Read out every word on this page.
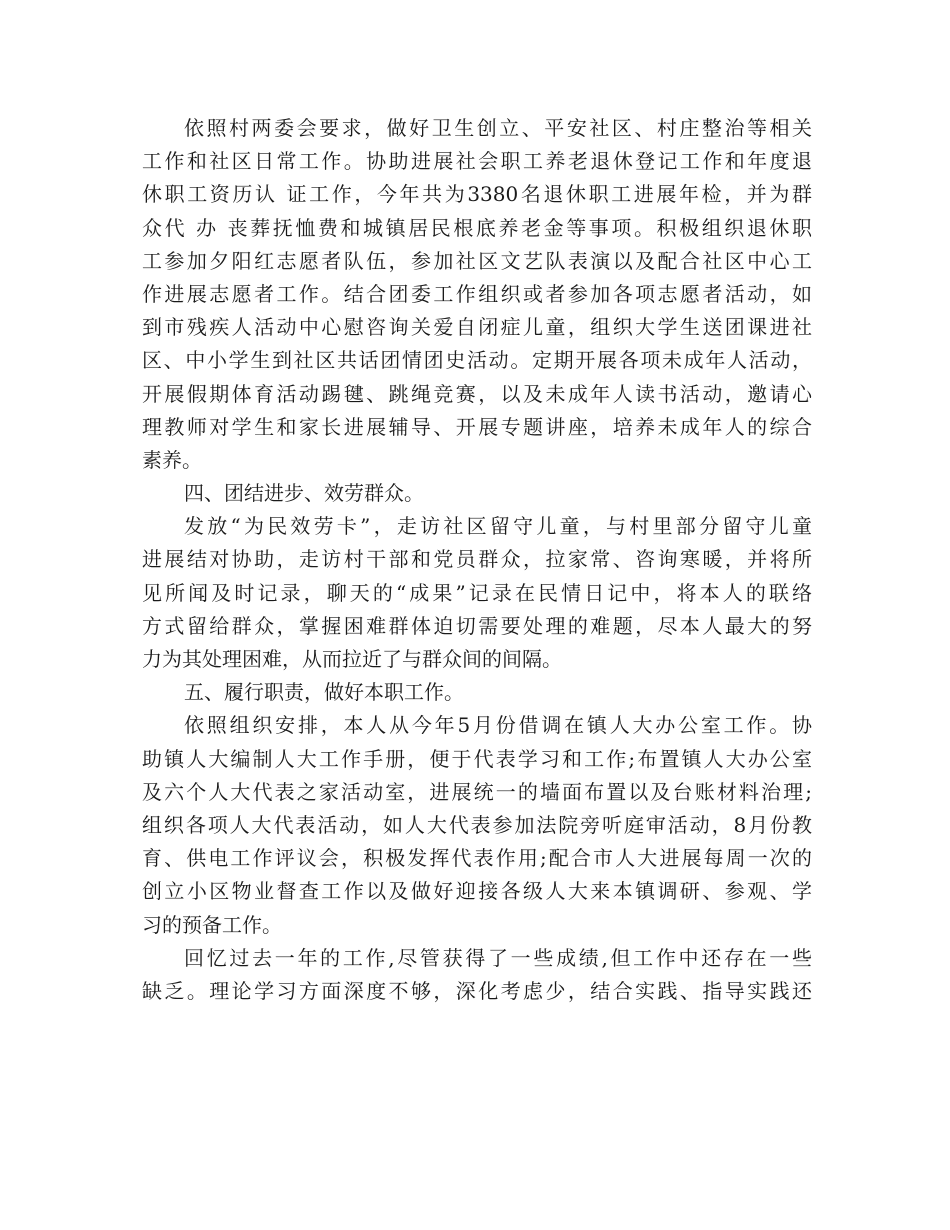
依照村两委会要求，做好卫生创立、平安社区、村庄整治等相关
工作和社区日常工作。协助进展社会职工养老退休登记工作和年度退
休职工资历认 证工作，今年共为3380名退休职工进展年检，并为群
众代 办 丧葬抚恤费和城镇居民根底养老金等事项。积极组织退休职
工参加夕阳红志愿者队伍，参加社区文艺队表演以及配合社区中心工
作进展志愿者工作。结合团委工作组织或者参加各项志愿者活动，如
到市残疾人活动中心慰咨询关爱自闭症儿童，组织大学生送团课进社
区、中小学生到社区共话团情团史活动。定期开展各项未成年人活动，
开展假期体育活动踢毽、跳绳竞赛，以及未成年人读书活动，邀请心
理教师对学生和家长进展辅导、开展专题讲座，培养未成年人的综合
素养。
四、团结进步、效劳群众。
发放“为民效劳卡”，走访社区留守儿童，与村里部分留守儿童
进展结对协助，走访村干部和党员群众，拉家常、咨询寒暖，并将所
见所闻及时记录，聊天的“成果”记录在民情日记中，将本人的联络
方式留给群众，掌握困难群体迫切需要处理的难题，尽本人最大的努
力为其处理困难，从而拉近了与群众间的间隔。
五、履行职责，做好本职工作。
依照组织安排，本人从今年5月份借调在镇人大办公室工作。协
助镇人大编制人大工作手册，便于代表学习和工作;布置镇人大办公室
及六个人大代表之家活动室，进展统一的墙面布置以及台账材料治理;
组织各项人大代表活动，如人大代表参加法院旁听庭审活动，8月份教
育、供电工作评议会，积极发挥代表作用;配合市人大进展每周一次的
创立小区物业督查工作以及做好迎接各级人大来本镇调研、参观、学
习的预备工作。
回忆过去一年的工作,尽管获得了一些成绩,但工作中还存在一些
缺乏。理论学习方面深度不够，深化考虑少，结合实践、指导实践还
